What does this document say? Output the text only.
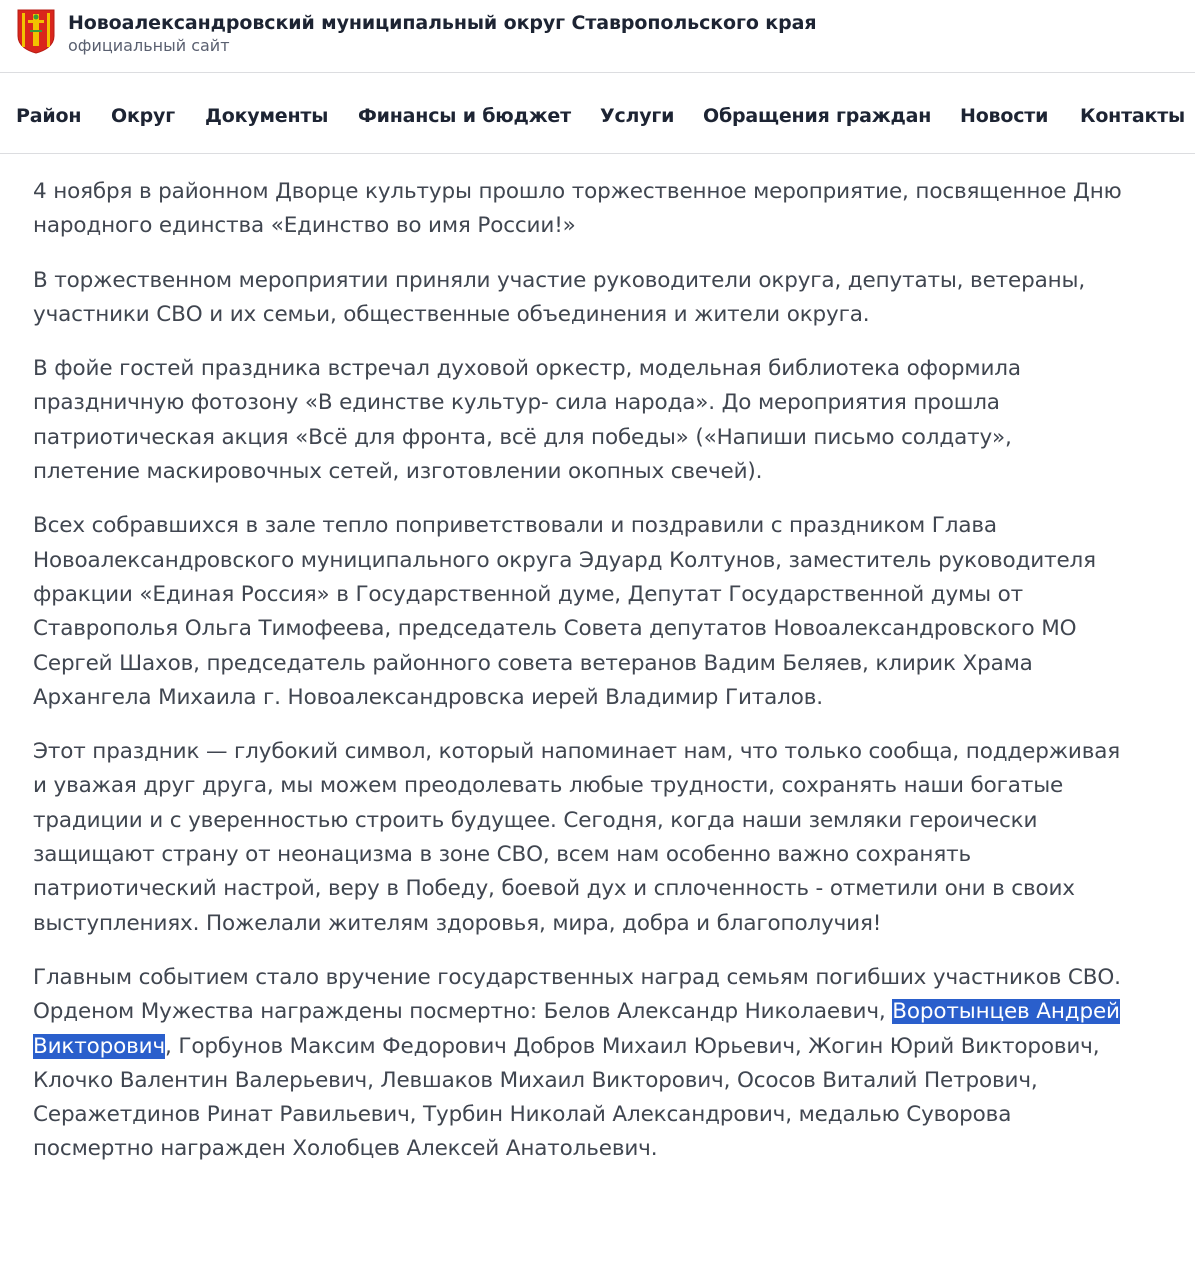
Новоалександровский муниципальный округ Ставропольского края
официальный сайт
Район Округ Документы Финансы и бюджет Услуги Обращения граждан Новости Контакты

4 ноября в районном Дворце культуры прошло торжественное мероприятие, посвященное Дню народного единства «Единство во имя России!»

В торжественном мероприятии приняли участие руководители округа, депутаты, ветераны, участники СВО и их семьи, общественные объединения и жители округа.

В фойе гостей праздника встречал духовой оркестр, модельная библиотека оформила праздничную фотозону «В единстве культур- сила народа». До мероприятия прошла патриотическая акция «Всё для фронта, всё для победы» («Напиши письмо солдату», плетение маскировочных сетей, изготовлении окопных свечей).

Всех собравшихся в зале тепло поприветствовали и поздравили с праздником Глава Новоалександровского муниципального округа Эдуард Колтунов, заместитель руководителя фракции «Единая Россия» в Государственной думе, Депутат Государственной думы от Ставрополья Ольга Тимофеева, председатель Совета депутатов Новоалександровского МО Сергей Шахов, председатель районного совета ветеранов Вадим Беляев, клирик Храма Архангела Михаила г. Новоалександровска иерей Владимир Гиталов.

Этот праздник — глубокий символ, который напоминает нам, что только сообща, поддерживая и уважая друг друга, мы можем преодолевать любые трудности, сохранять наши богатые традиции и с уверенностью строить будущее. Сегодня, когда наши земляки героически защищают страну от неонацизма в зоне СВО, всем нам особенно важно сохранять патриотический настрой, веру в Победу, боевой дух и сплоченность - отметили они в своих выступлениях. Пожелали жителям здоровья, мира, добра и благополучия!

Главным событием стало вручение государственных наград семьям погибших участников СВО. Орденом Мужества награждены посмертно: Белов Александр Николаевич, Воротынцев Андрей Викторович, Горбунов Максим Федорович Добров Михаил Юрьевич, Жогин Юрий Викторович, Клочко Валентин Валерьевич, Левшаков Михаил Викторович, Ососов Виталий Петрович, Серажетдинов Ринат Равильевич, Турбин Николай Александрович, медалью Суворова посмертно награжден Холобцев Алексей Анатольевич.
